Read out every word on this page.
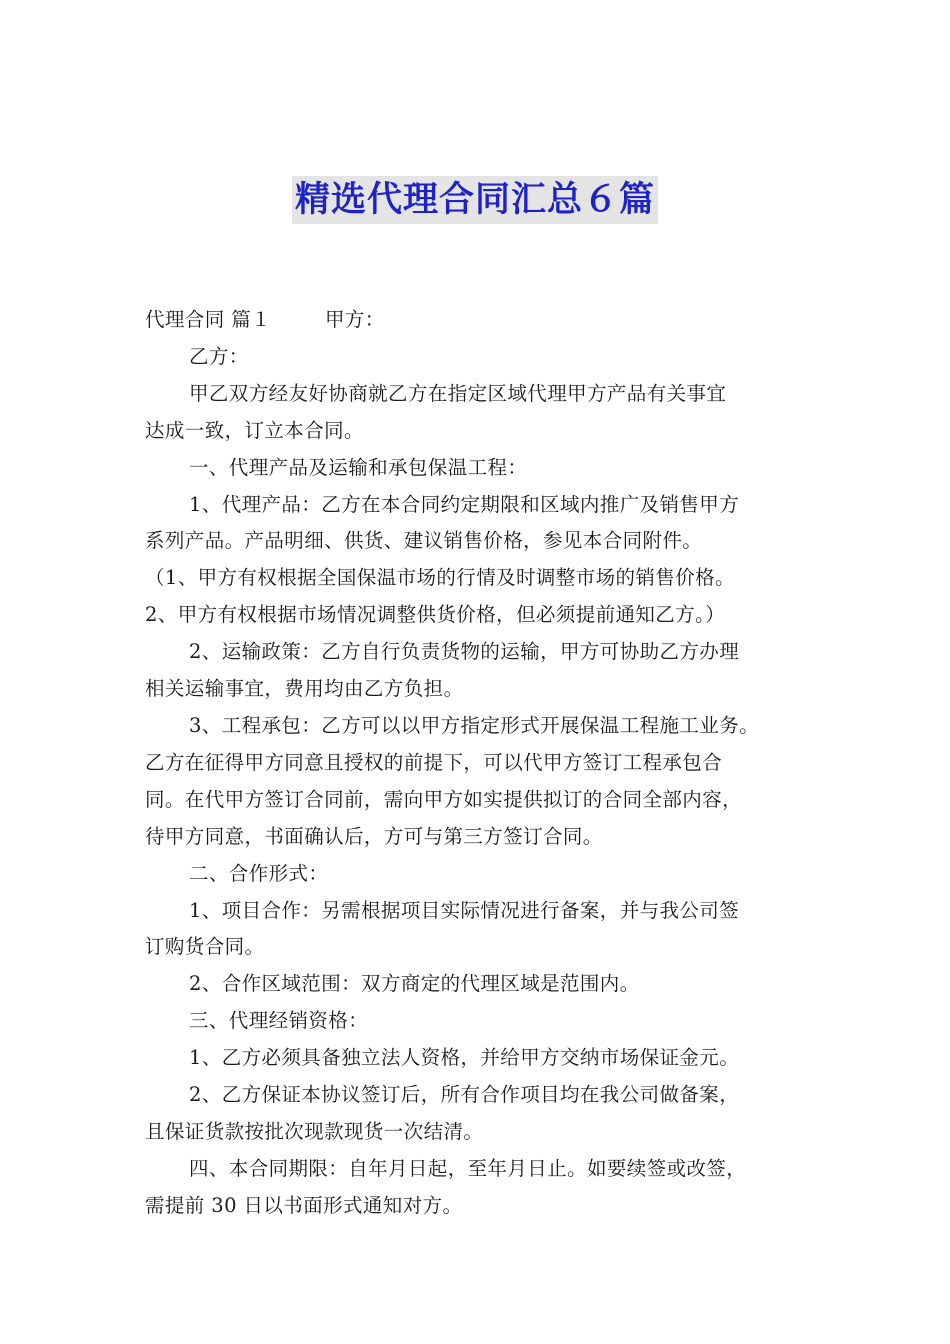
精选代理合同汇总６篇

代理合同 篇１	甲方：

乙方：

甲乙双方经友好协商就乙方在指定区域代理甲方产品有关事宜

达成一致，订立本合同。

一、代理产品及运输和承包保温工程：

1、代理产品：乙方在本合同约定期限和区域内推广及销售甲方

系列产品。产品明细、供货、建议销售价格，参见本合同附件。

（1、甲方有权根据全国保温市场的行情及时调整市场的销售价格。

2、甲方有权根据市场情况调整供货价格，但必须提前通知乙方。）

2、运输政策：乙方自行负责货物的运输，甲方可协助乙方办理

相关运输事宜，费用均由乙方负担。

3、工程承包：乙方可以以甲方指定形式开展保温工程施工业务。

乙方在征得甲方同意且授权的前提下，可以代甲方签订工程承包合

同。在代甲方签订合同前，需向甲方如实提供拟订的合同全部内容，

待甲方同意，书面确认后，方可与第三方签订合同。

二、合作形式：

1、项目合作：另需根据项目实际情况进行备案，并与我公司签

订购货合同。

2、合作区域范围：双方商定的代理区域是范围内。

三、代理经销资格：

1、乙方必须具备独立法人资格，并给甲方交纳市场保证金元。

2、乙方保证本协议签订后，所有合作项目均在我公司做备案，

且保证货款按批次现款现货一次结清。

四、本合同期限：自年月日起，至年月日止。如要续签或改签，

需提前 30 日以书面形式通知对方。
